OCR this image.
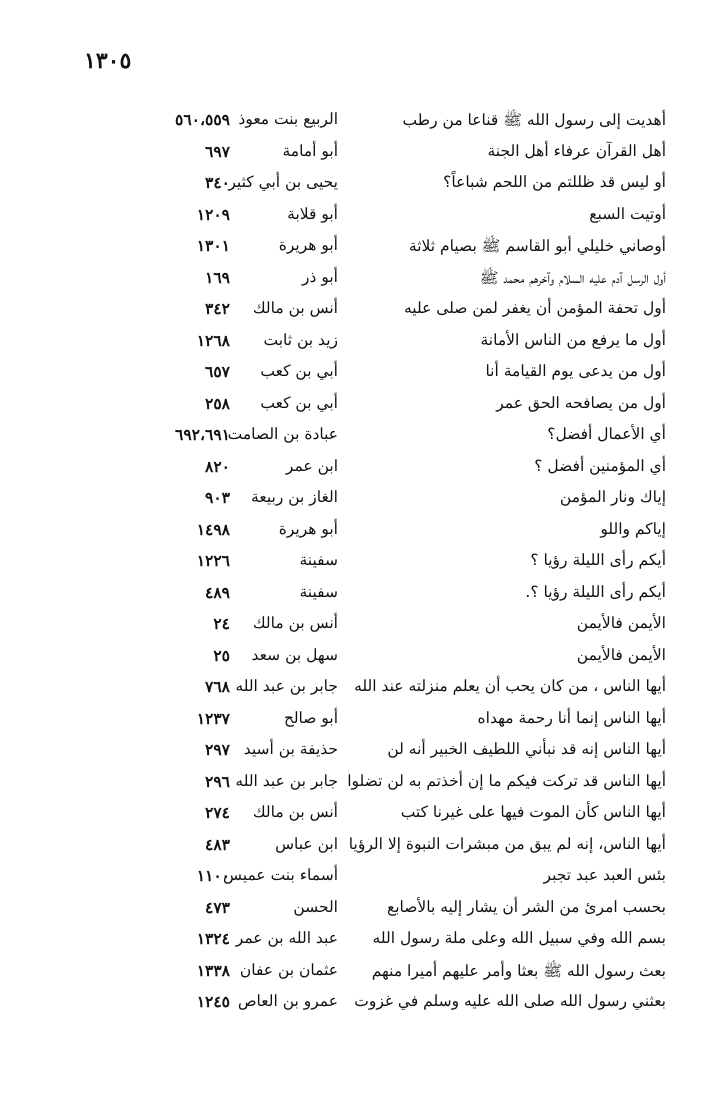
١٣٠٥
أهديت إلى رسول الله ﷺ قناعا من رطب
الربيع بنت معوذ
٥٦٠،٥٥٩
أهل القرآن عرفاء أهل الجنة
أبو أمامة
٦٩٧
أو ليس قد ظللتم من اللحم شباعاً؟
يحيى بن أبي كثير
٣٤٠
أوتيت السبع
أبو قلابة
١٢٠٩
أوصاني خليلي أبو القاسم ﷺ بصيام ثلاثة
أبو هريرة
١٣٠١
أول الرسل آدم عليه السلام وآخرهم محمد ﷺ
أبو ذر
١٦٩
أول تحفة المؤمن أن يغفر لمن صلى عليه
أنس بن مالك
٣٤٢
أول ما يرفع من الناس الأمانة
زيد بن ثابت
١٢٦٨
أول من يدعى يوم القيامة أنا
أبي بن كعب
٦٥٧
أول من يصافحه الحق عمر
أبي بن كعب
٢٥٨
أي الأعمال أفضل؟
عبادة بن الصامت
٦٩٢،٦٩١
أي المؤمنين أفضل ؟
ابن عمر
٨٢٠
إياك ونار المؤمن
الغاز بن ربيعة
٩٠٣
إياكم واللو
أبو هريرة
١٤٩٨
أيكم رأى الليلة رؤيا ؟
سفينة
١٢٢٦
أيكم رأى الليلة رؤيا ؟.
سفينة
٤٨٩
الأيمن فالأيمن
أنس بن مالك
٢٤
الأيمن فالأيمن
سهل بن سعد
٢٥
أيها الناس ، من كان يحب أن يعلم منزلته عند الله
جابر بن عبد الله
٧٦٨
أيها الناس إنما أنا رحمة مهداه
أبو صالح
١٢٣٧
أيها الناس إنه قد نبأني اللطيف الخبير أنه لن
حذيفة بن أسيد
٢٩٧
أيها الناس قد تركت فيكم ما إن أخذتم به لن تضلوا
جابر بن عبد الله
٢٩٦
أيها الناس كأن الموت فيها على غيرنا كتب
أنس بن مالك
٢٧٤
أيها الناس، إنه لم يبق من مبشرات النبوة إلا الرؤيا
ابن عباس
٤٨٣
بئس العبد عبد تجبر
أسماء بنت عميس
١١٠٠
بحسب امرئ من الشر أن يشار إليه بالأصابع
الحسن
٤٧٣
بسم الله وفي سبيل الله وعلى ملة رسول الله
عبد الله بن عمر
١٣٢٤
بعث رسول الله ﷺ بعثا وأمر عليهم أميرا منهم
عثمان بن عفان
١٣٣٨
بعثني رسول الله صلى الله عليه وسلم في غزوت
عمرو بن العاص
١٢٤٥
